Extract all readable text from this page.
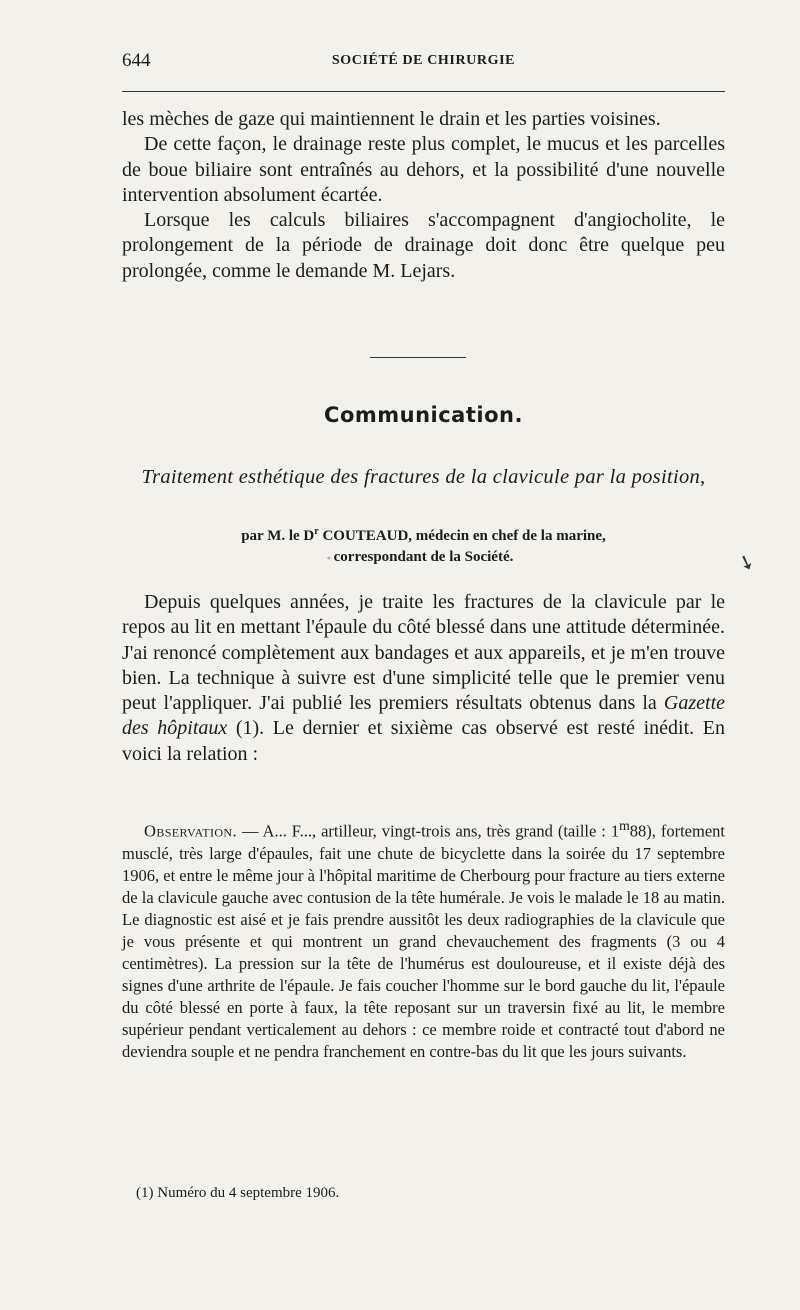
644	SOCIÉTÉ DE CHIRURGIE

les mèches de gaze qui maintiennent le drain et les parties voisines.

De cette façon, le drainage reste plus complet, le mucus et les parcelles de boue biliaire sont entraînés au dehors, et la possibilité d'une nouvelle intervention absolument écartée.

Lorsque les calculs biliaires s'accompagnent d'angiocholite, le prolongement de la période de drainage doit donc être quelque peu prolongée, comme le demande M. Lejars.

Communication.
Traitement esthétique des fractures de la clavicule par la position,
par M. le $D^r$ COUTEAUD, médecin en chef de la marine,
correspondant de la Société.
*

Depuis quelques années, je traite les fractures de la clavicule par le repos au lit en mettant l'épaule du côté blessé dans une attitude déterminée. J'ai renoncé complètement aux bandages et aux appareils, et je m'en trouve bien. La technique à suivre est d'une simplicité telle que le premier venu peut l'appliquer. J'ai publié les premiers résultats obtenus dans la Gazette des hôpitaux (1). Le dernier et sixième cas observé est resté inédit. En voici la relation :

Observation. — A... F..., artilleur, vingt-trois ans, très grand (taille : 1$^m$88), fortement musclé, très large d'épaules, fait une chute de bicyclette dans la soirée du 17 septembre 1906, et entre le même jour à l'hôpital maritime de Cherbourg pour fracture au tiers externe de la clavicule gauche avec contusion de la tête humérale. Je vois le malade le 18 au matin. Le diagnostic est aisé et je fais prendre aussitôt les deux radiographies de la clavicule que je vous présente et qui montrent un grand chevauchement des fragments (3 ou 4 centimètres). La pression sur la tête de l'humérus est douloureuse, et il existe déjà des signes d'une arthrite de l'épaule. Je fais coucher l'homme sur le bord gauche du lit, l'épaule du côté blessé en porte à faux, la tête reposant sur un traversin fixé au lit, le membre supérieur pendant verticalement au dehors : ce membre roide et contracté tout d'abord ne deviendra souple et ne pendra franchement en contre-bas du lit que les jours suivants.

(1) Numéro du 4 septembre 1906.
➘
